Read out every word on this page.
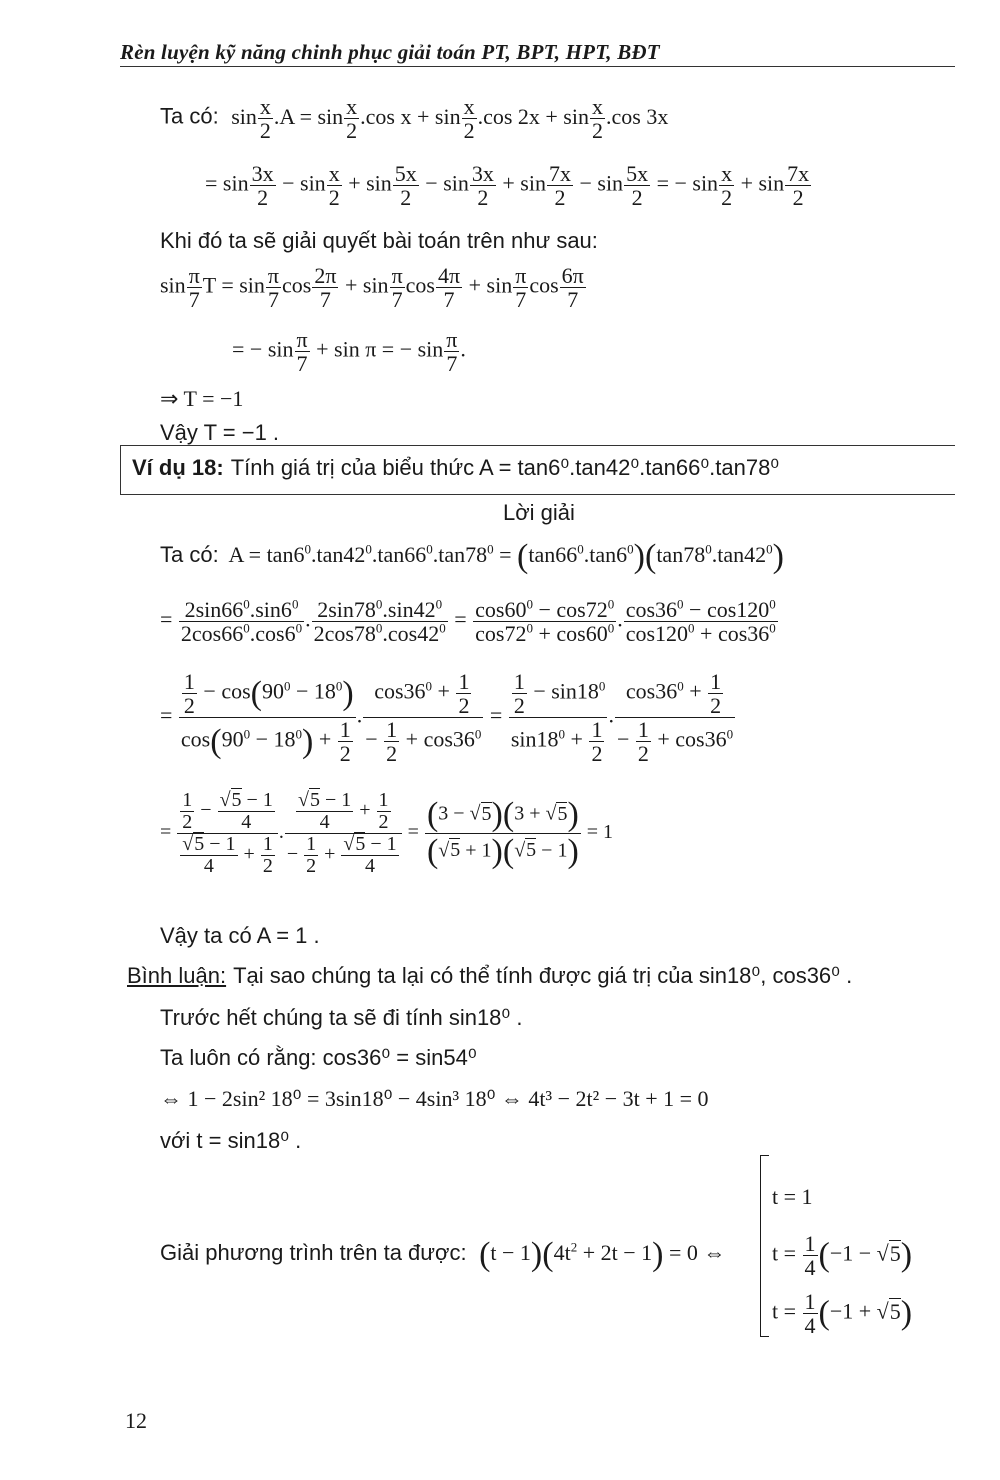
Rèn luyện kỹ năng chinh phục giải toán PT, BPT, HPT, BĐT
Ta có:  $\sin \frac{x}{2} .A = \sin \frac{x}{2} .\cos$ $x + \sin \frac{x}{2} .\cos$ $2x + \sin \frac{x}{2} .\cos$ 3x
= $\sin \frac{3x}{2} - \sin \frac{x}{2} + \sin \frac{5x}{2} - \sin \frac{3x}{2} + \sin \frac{7x}{2} - \sin \frac{5x}{2}$ = − $\sin \frac{x}{2} + \sin \frac{7x}{2}$
Khi đó ta sẽ giải quyết bài toán trên như sau:
$\sin \frac{\pi}{7}$ $T = \sin \frac{\pi}{7}$ $\cos \frac{2\pi}{7} + \sin \frac{\pi}{7}$ $\cos \frac{4\pi}{7} + \sin \frac{\pi}{7}$ $\cos \frac{6\pi}{7}$
= − $\sin \frac{\pi}{7} + \sin \pi$ = − $\sin \frac{\pi}{7}$ .
⇒ T = −1
Vậy T = −1 .
Ví dụ 18: Tính giá trị của biểu thức A = tan6⁰.tan42⁰.tan66⁰.tan78⁰
Lời giải
Ta có:  $A = \tan 6^0.\tan 42^0.\tan 66^0.\tan 78^0 = (\tan 66^0.\tan 6^0)(\tan 78^0.\tan 42^0)$
= $\frac{2\sin 66^0.\sin 6^0}{2\cos 66^0.\cos 6^0}$ . $\frac{2\sin 78^0.\sin 42^0}{2\cos 78^0.\cos 42^0} = \frac{\cos 60^0 - \cos 72^0}{\cos 72^0 + \cos 60^0}$ . $\frac{\cos 36^0 - \cos 120^0}{\cos 120^0 + \cos 36^0}$
= $\frac{\frac{1}{2} - \cos(90^0 - 18^0)}{\cos(90^0 - 18^0) + \frac{1}{2}}$ . $\frac{\cos 36^0 + \frac{1}{2}}{- \frac{1}{2} + \cos 36^0} = \frac{\frac{1}{2} - \sin 18^0}{\sin 18^0 + \frac{1}{2}}$ . $\frac{\cos 36^0 + \frac{1}{2}}{- \frac{1}{2} + \cos 36^0}$
= $\frac{\frac{1}{2} - \frac{√5 - 1}{4}}{\frac{√5 - 1}{4} + \frac{1}{2}}$ . $\frac{\frac{√5 - 1}{4} + \frac{1}{2}}{- \frac{1}{2} + \frac{√5 - 1}{4}} = \frac{(3 - √5)(3 + √5)}{(√5 + 1)(√5 - 1)} = 1$
Vậy ta có A = 1 .
Bình luận: Tại sao chúng ta lại có thể tính được giá trị của sin18⁰, cos36⁰ .
Trước hết chúng ta sẽ đi tính sin18⁰ .
Ta luôn có rằng: cos36⁰ = sin54⁰
⇔ 1 − 2sin² 18⁰ = 3sin18⁰ − 4sin³ 18⁰ ⇔ 4t³ − 2t² − 3t + 1 = 0
với t = sin18⁰ .
Giải phương trình trên ta được: $(t - 1)(4t^2 + 2t - 1) = 0$ ⇔
t = 1
$t = \frac{1}{4} (-1 - √5)$
$t = \frac{1}{4} (-1 + √5)$
12
